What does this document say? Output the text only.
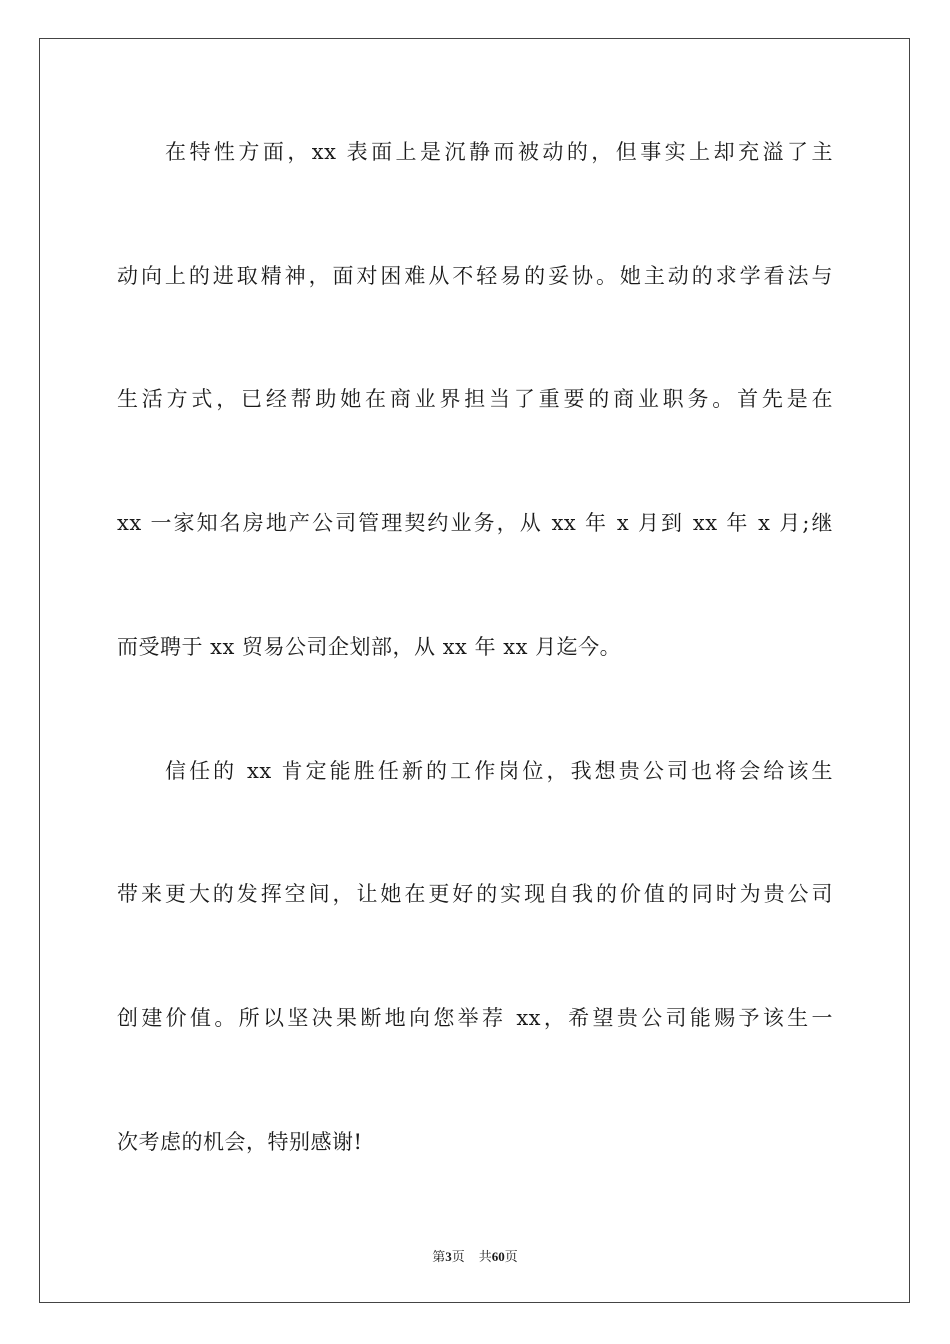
在特性方面，xx 表面上是沉静而被动的，但事实上却充溢了主
动向上的进取精神，面对困难从不轻易的妥协。她主动的求学看法与
生活方式，已经帮助她在商业界担当了重要的商业职务。首先是在
xx 一家知名房地产公司管理契约业务，从 xx 年 x 月到 xx 年 x 月;继
而受聘于 xx 贸易公司企划部，从 xx 年 xx 月迄今。
信任的 xx 肯定能胜任新的工作岗位，我想贵公司也将会给该生
带来更大的发挥空间，让她在更好的实现自我的价值的同时为贵公司
创建价值。所以坚决果断地向您举荐 xx，希望贵公司能赐予该生一
次考虑的机会，特别感谢!
第3页 共60页
